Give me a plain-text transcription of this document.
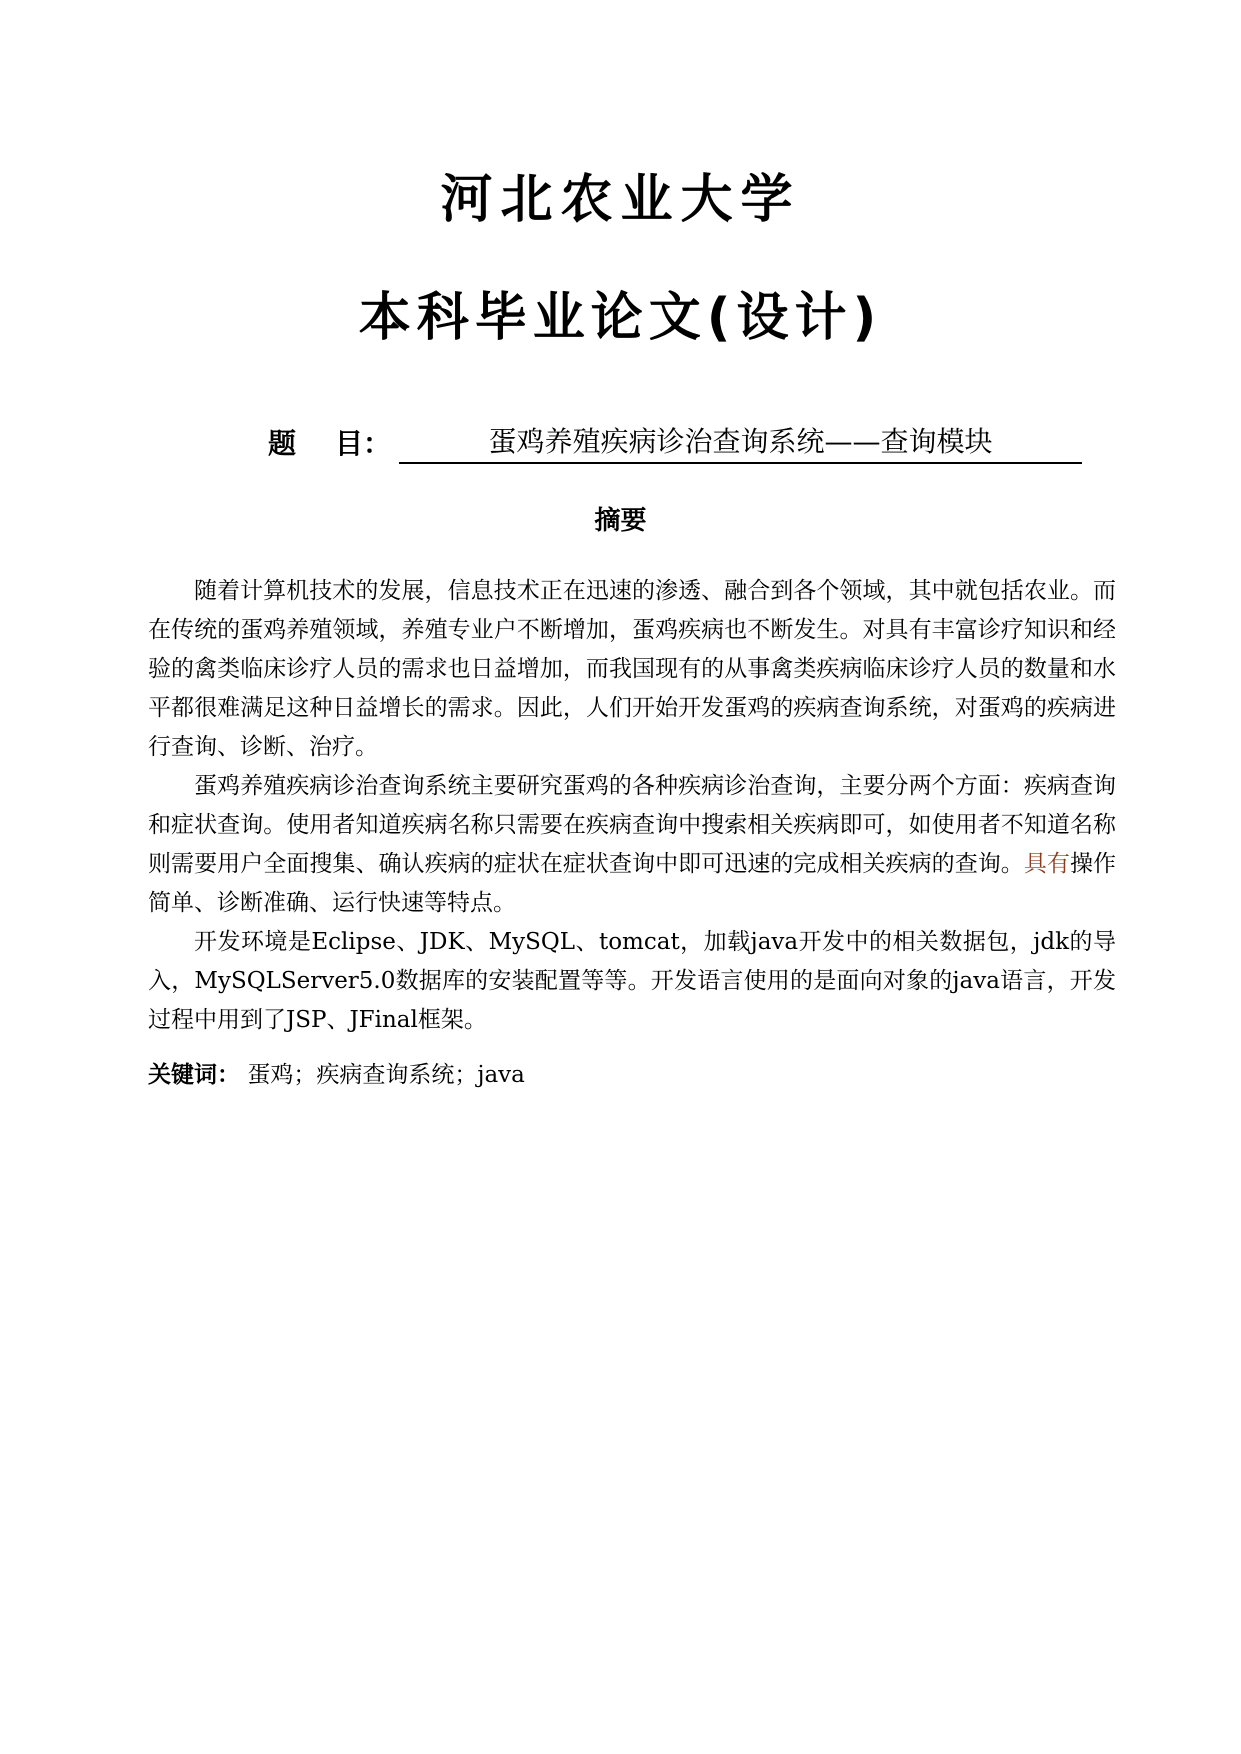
河北农业大学
本科毕业论文(设计)
题    目：	蛋鸡养殖疾病诊治查询系统——查询模块
摘要

随着计算机技术的发展，信息技术正在迅速的渗透、融合到各个领域，其中就包括农业。而在传统的蛋鸡养殖领域，养殖专业户不断增加，蛋鸡疾病也不断发生。对具有丰富诊疗知识和经验的禽类临床诊疗人员的需求也日益增加，而我国现有的从事禽类疾病临床诊疗人员的数量和水平都很难满足这种日益增长的需求。因此，人们开始开发蛋鸡的疾病查询系统，对蛋鸡的疾病进行查询、诊断、治疗。

蛋鸡养殖疾病诊治查询系统主要研究蛋鸡的各种疾病诊治查询，主要分两个方面：疾病查询和症状查询。使用者知道疾病名称只需要在疾病查询中搜索相关疾病即可，如使用者不知道名称则需要用户全面搜集、确认疾病的症状在症状查询中即可迅速的完成相关疾病的查询。具有操作简单、诊断准确、运行快速等特点。

开发环境是Eclipse、JDK、MySQL、tomcat，加载java开发中的相关数据包，jdk的导入，MySQLServer5.0数据库的安装配置等等。开发语言使用的是面向对象的java语言，开发过程中用到了JSP、JFinal框架。

关键词： 蛋鸡；疾病查询系统；java
